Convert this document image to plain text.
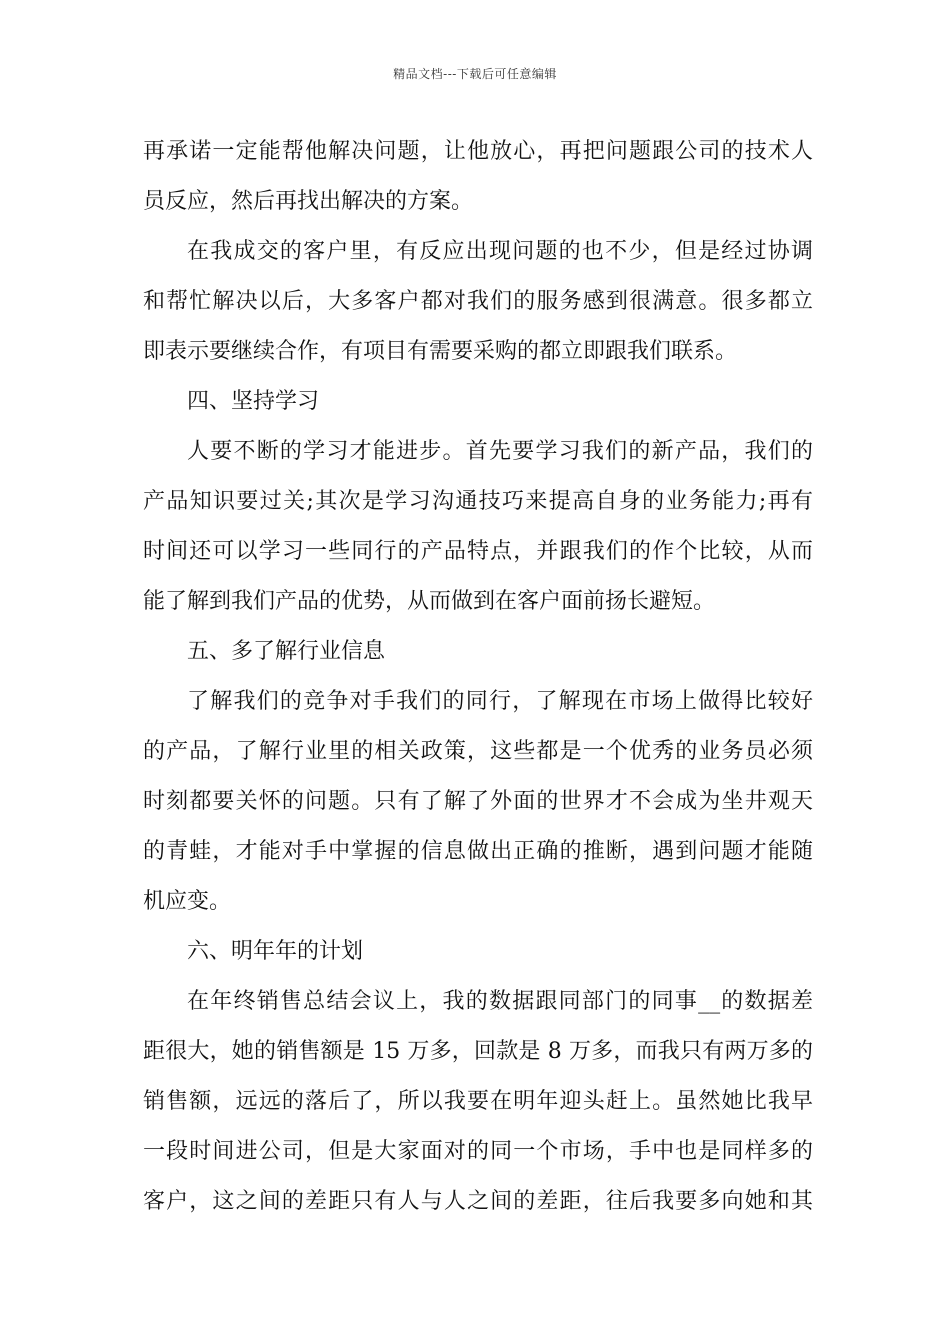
精品文档---下载后可任意编辑
再承诺一定能帮他解决问题，让他放心，再把问题跟公司的技术人
员反应，然后再找出解决的方案。
在我成交的客户里，有反应出现问题的也不少，但是经过协调
和帮忙解决以后，大多客户都对我们的服务感到很满意。很多都立
即表示要继续合作，有项目有需要采购的都立即跟我们联系。
四、坚持学习
人要不断的学习才能进步。首先要学习我们的新产品，我们的
产品知识要过关;其次是学习沟通技巧来提高自身的业务能力;再有
时间还可以学习一些同行的产品特点，并跟我们的作个比较，从而
能了解到我们产品的优势，从而做到在客户面前扬长避短。
五、多了解行业信息
了解我们的竞争对手我们的同行，了解现在市场上做得比较好
的产品，了解行业里的相关政策，这些都是一个优秀的业务员必须
时刻都要关怀的问题。只有了解了外面的世界才不会成为坐井观天
的青蛙，才能对手中掌握的信息做出正确的推断，遇到问题才能随
机应变。
六、明年年的计划
在年终销售总结会议上，我的数据跟同部门的同事__的数据差
距很大，她的销售额是 15 万多，回款是 8 万多，而我只有两万多的
销售额，远远的落后了，所以我要在明年迎头赶上。虽然她比我早
一段时间进公司，但是大家面对的同一个市场，手中也是同样多的
客户，这之间的差距只有人与人之间的差距，往后我要多向她和其
